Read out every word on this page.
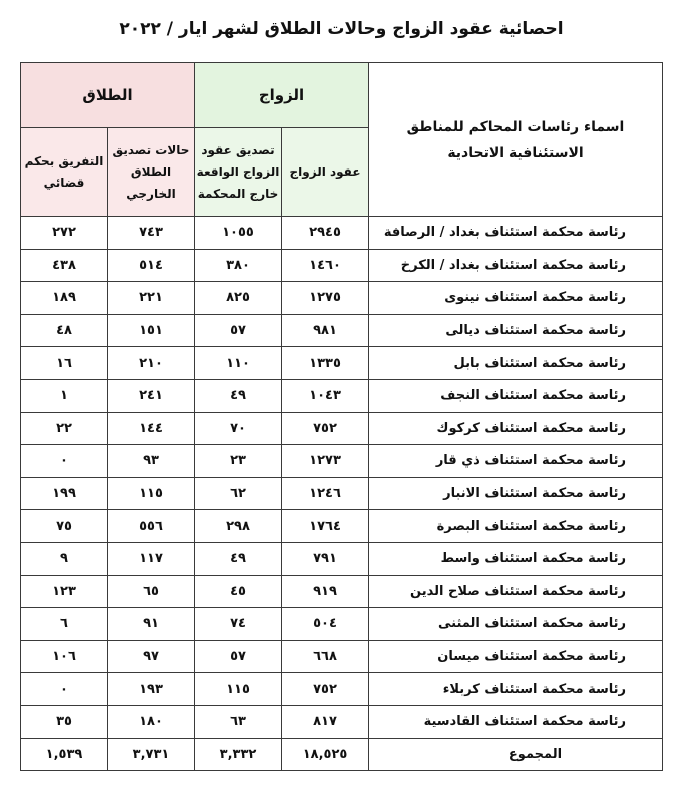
احصائية عقود الزواج وحالات الطلاق لشهر ايار / ٢٠٢٢
اسماء رئاسات المحاكم للمناطق الاستئنافية الاتحادية	الزواج		الطلاق	
	عقود الزواج	تصديق عقود الزواج الواقعة خارج المحكمة	حالات تصديق الطلاق الخارجي	التفريق بحكم قضائي
رئاسة محكمة استئناف بغداد / الرصافة	٢٩٤٥	١٠٥٥	٧٤٣	٢٧٢
رئاسة محكمة استئناف بغداد / الكرخ	١٤٦٠	٣٨٠	٥١٤	٤٣٨
رئاسة محكمة استئناف نينوى	١٢٧٥	٨٢٥	٢٢١	١٨٩
رئاسة محكمة استئناف ديالى	٩٨١	٥٧	١٥١	٤٨
رئاسة محكمة استئناف بابل	١٣٣٥	١١٠	٢١٠	١٦
رئاسة محكمة استئناف النجف	١٠٤٣	٤٩	٢٤١	١
رئاسة محكمة استئناف كركوك	٧٥٢	٧٠	١٤٤	٢٢
رئاسة محكمة استئناف ذي قار	١٢٧٣	٢٣	٩٣	٠
رئاسة محكمة استئناف الانبار	١٢٤٦	٦٢	١١٥	١٩٩
رئاسة محكمة استئناف البصرة	١٧٦٤	٢٩٨	٥٥٦	٧٥
رئاسة محكمة استئناف واسط	٧٩١	٤٩	١١٧	٩
رئاسة محكمة استئناف صلاح الدين	٩١٩	٤٥	٦٥	١٢٣
رئاسة محكمة استئناف المثنى	٥٠٤	٧٤	٩١	٦
رئاسة محكمة استئناف ميسان	٦٦٨	٥٧	٩٧	١٠٦
رئاسة محكمة استئناف كربلاء	٧٥٢	١١٥	١٩٣	٠
رئاسة محكمة استئناف القادسية	٨١٧	٦٣	١٨٠	٣٥
المجموع	١٨,٥٢٥	٣,٣٣٢	٣,٧٣١	١,٥٣٩
